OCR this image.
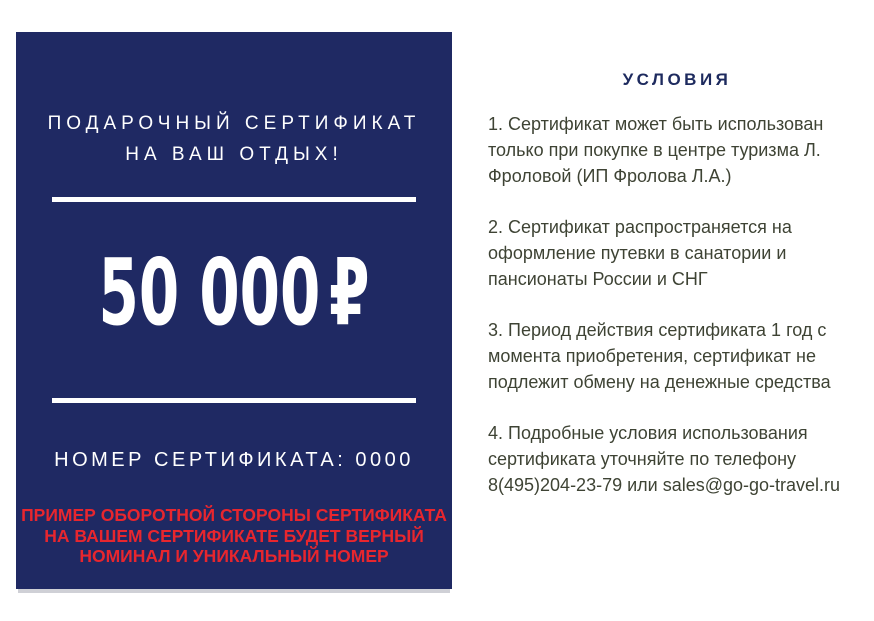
ПОДАРОЧНЫЙ СЕРТИФИКАТ
НА ВАШ ОТДЫХ!
50 000 ₽
НОМЕР СЕРТИФИКАТА: 0000
ПРИМЕР ОБОРОТНОЙ СТОРОНЫ СЕРТИФИКАТА
НА ВАШЕМ СЕРТИФИКАТЕ БУДЕТ ВЕРНЫЙ
НОМИНАЛ И УНИКАЛЬНЫЙ НОМЕР
УСЛОВИЯ

1. Сертификат может быть использован только при покупке в центре туризма Л. Фроловой (ИП Фролова Л.А.)

2. Сертификат распространяется на оформление путевки в санатории и пансионаты России и СНГ

3. Период действия сертификата 1 год с момента приобретения, сертификат не подлежит обмену на денежные средства

4. Подробные условия использования сертификата уточняйте по телефону 8(495)204-23-79 или sales@go-go-travel.ru
